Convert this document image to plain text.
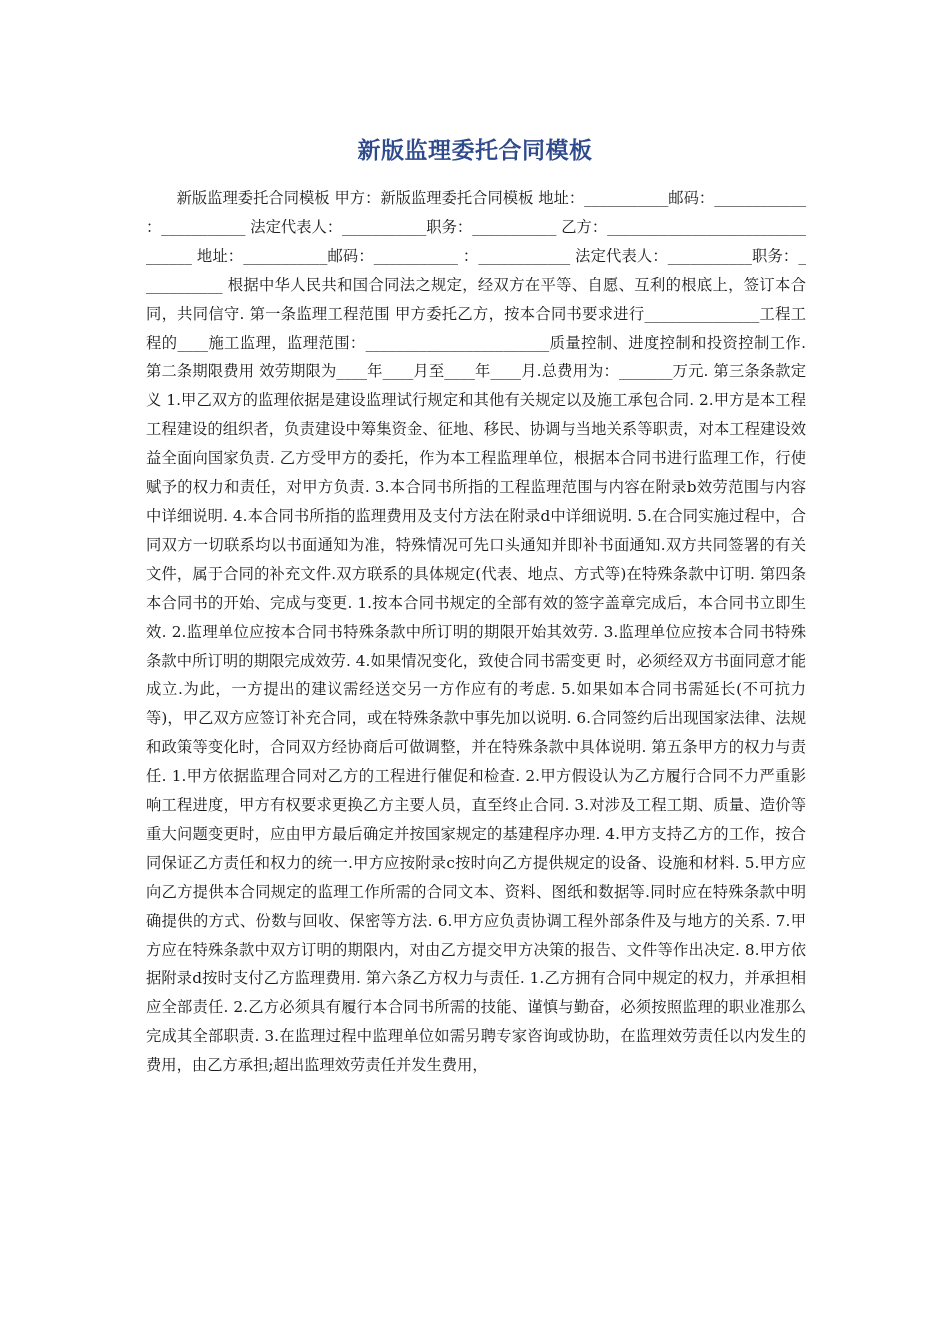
新版监理委托合同模板
新版监理委托合同模板 甲方：新版监理委托合同模板 地址：___________邮码：____________ ：___________ 法定代表人：___________职务：___________ 乙方：________________________________ 地址：___________邮码：___________ ：____________ 法定代表人：___________职务：___________ 根据中华人民共和国合同法之规定，经双方在平等、自愿、互利的根底上，签订本合同，共同信守. 第一条监理工程范围 甲方委托乙方，按本合同书要求进行_______________工程工程的____施工监理，监理范围：________________________质量控制、进度控制和投资控制工作. 第二条期限费用 效劳期限为____年____月至____年____月.总费用为：_______万元. 第三条条款定义 1.甲乙双方的监理依据是建设监理试行规定和其他有关规定以及施工承包合同. 2.甲方是本工程工程建设的组织者，负责建设中筹集资金、征地、移民、协调与当地关系等职责，对本工程建设效益全面向国家负责. 乙方受甲方的委托，作为本工程监理单位，根据本合同书进行监理工作，行使赋予的权力和责任，对甲方负责. 3.本合同书所指的工程监理范围与内容在附录b效劳范围与内容中详细说明. 4.本合同书所指的监理费用及支付方法在附录d中详细说明. 5.在合同实施过程中，合同双方一切联系均以书面通知为准，特殊情况可先口头通知并即补书面通知.双方共同签署的有关文件，属于合同的补充文件.双方联系的具体规定(代表、地点、方式等)在特殊条款中订明. 第四条本合同书的开始、完成与变更. 1.按本合同书规定的全部有效的签字盖章完成后，本合同书立即生效. 2.监理单位应按本合同书特殊条款中所订明的期限开始其效劳. 3.监理单位应按本合同书特殊条款中所订明的期限完成效劳. 4.如果情况变化，致使合同书需变更 时，必须经双方书面同意才能成立.为此，一方提出的建议需经送交另一方作应有的考虑. 5.如果如本合同书需延长(不可抗力等)，甲乙双方应签订补充合同，或在特殊条款中事先加以说明. 6.合同签约后出现国家法律、法规和政策等变化时，合同双方经协商后可做调整，并在特殊条款中具体说明. 第五条甲方的权力与责任. 1.甲方依据监理合同对乙方的工程进行催促和检查. 2.甲方假设认为乙方履行合同不力严重影响工程进度，甲方有权要求更换乙方主要人员，直至终止合同. 3.对涉及工程工期、质量、造价等重大问题变更时，应由甲方最后确定并按国家规定的基建程序办理. 4.甲方支持乙方的工作，按合同保证乙方责任和权力的统一.甲方应按附录c按时向乙方提供规定的设备、设施和材料. 5.甲方应向乙方提供本合同规定的监理工作所需的合同文本、资料、图纸和数据等.同时应在特殊条款中明确提供的方式、份数与回收、保密等方法. 6.甲方应负责协调工程外部条件及与地方的关系. 7.甲方应在特殊条款中双方订明的期限内，对由乙方提交甲方决策的报告、文件等作出决定. 8.甲方依据附录d按时支付乙方监理费用. 第六条乙方权力与责任. 1.乙方拥有合同中规定的权力，并承担相应全部责任. 2.乙方必须具有履行本合同书所需的技能、谨慎与勤奋，必须按照监理的职业准那么完成其全部职责. 3.在监理过程中监理单位如需另聘专家咨询或协助，在监理效劳责任以内发生的费用，由乙方承担;超出监理效劳责任并发生费用，
